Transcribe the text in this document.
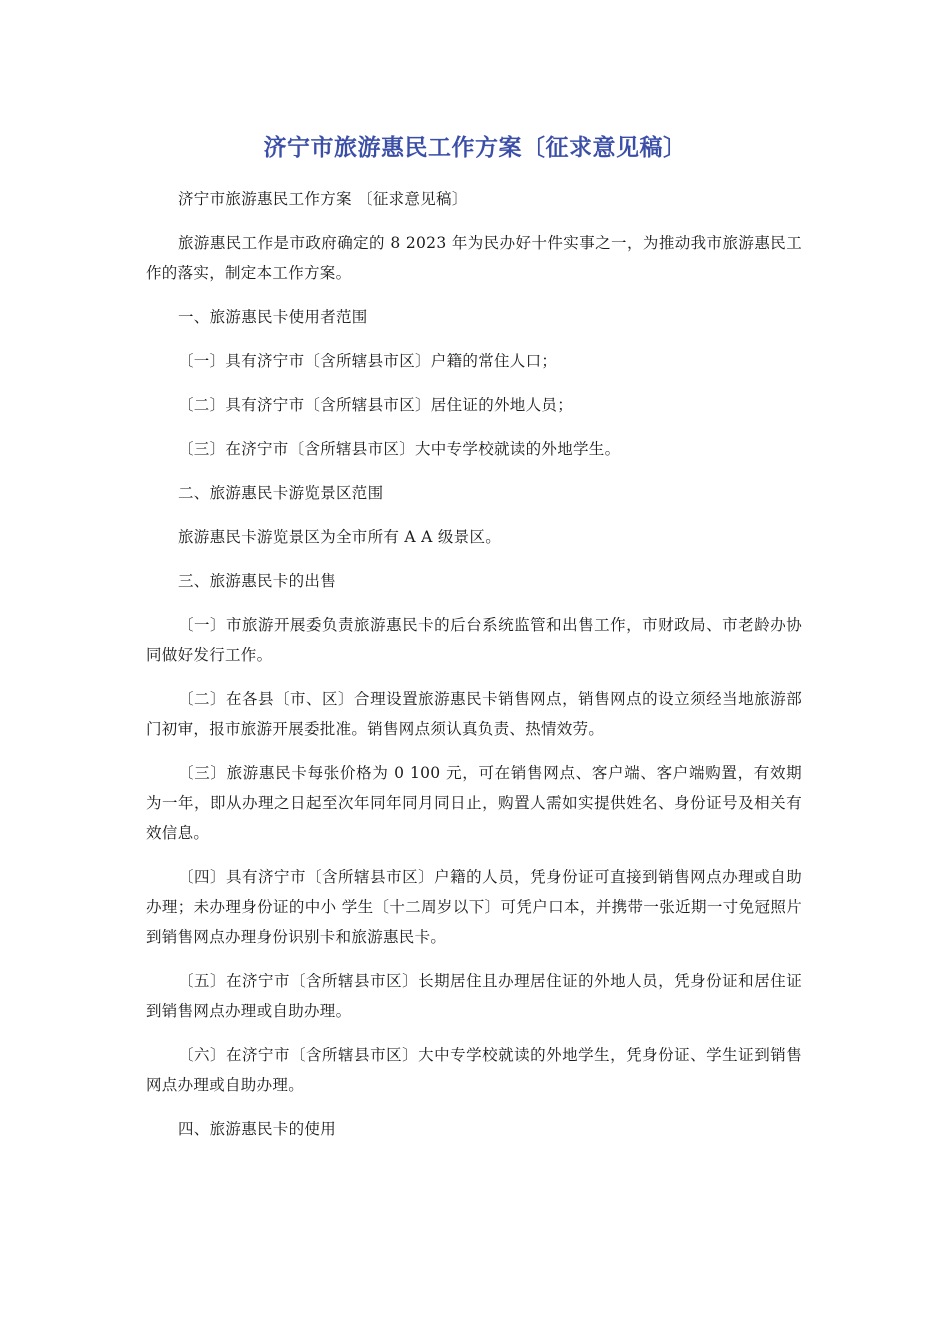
济宁市旅游惠民工作方案〔征求意见稿〕

济宁市旅游惠民工作方案 〔征求意见稿〕

旅游惠民工作是市政府确定的 8 2023 年为民办好十件实事之一，为推动我市旅游惠民工作的落实，制定本工作方案。

一、旅游惠民卡使用者范围

〔一〕具有济宁市〔含所辖县市区〕户籍的常住人口；

〔二〕具有济宁市〔含所辖县市区〕居住证的外地人员；

〔三〕在济宁市〔含所辖县市区〕大中专学校就读的外地学生。

二、旅游惠民卡游览景区范围

旅游惠民卡游览景区为全市所有 A A 级景区。

三、旅游惠民卡的出售

〔一〕市旅游开展委负责旅游惠民卡的后台系统监管和出售工作，市财政局、市老龄办协同做好发行工作。

〔二〕在各县〔市、区〕合理设置旅游惠民卡销售网点，销售网点的设立须经当地旅游部门初审，报市旅游开展委批准。销售网点须认真负责、热情效劳。

〔三〕旅游惠民卡每张价格为 0 100 元，可在销售网点、客户端、客户端购置，有效期为一年，即从办理之日起至次年同年同月同日止，购置人需如实提供姓名、身份证号及相关有效信息。

〔四〕具有济宁市〔含所辖县市区〕户籍的人员，凭身份证可直接到销售网点办理或自助办理；未办理身份证的中小 学生〔十二周岁以下〕可凭户口本，并携带一张近期一寸免冠照片到销售网点办理身份识别卡和旅游惠民卡。

〔五〕在济宁市〔含所辖县市区〕长期居住且办理居住证的外地人员，凭身份证和居住证到销售网点办理或自助办理。

〔六〕在济宁市〔含所辖县市区〕大中专学校就读的外地学生，凭身份证、学生证到销售网点办理或自助办理。

四、旅游惠民卡的使用
